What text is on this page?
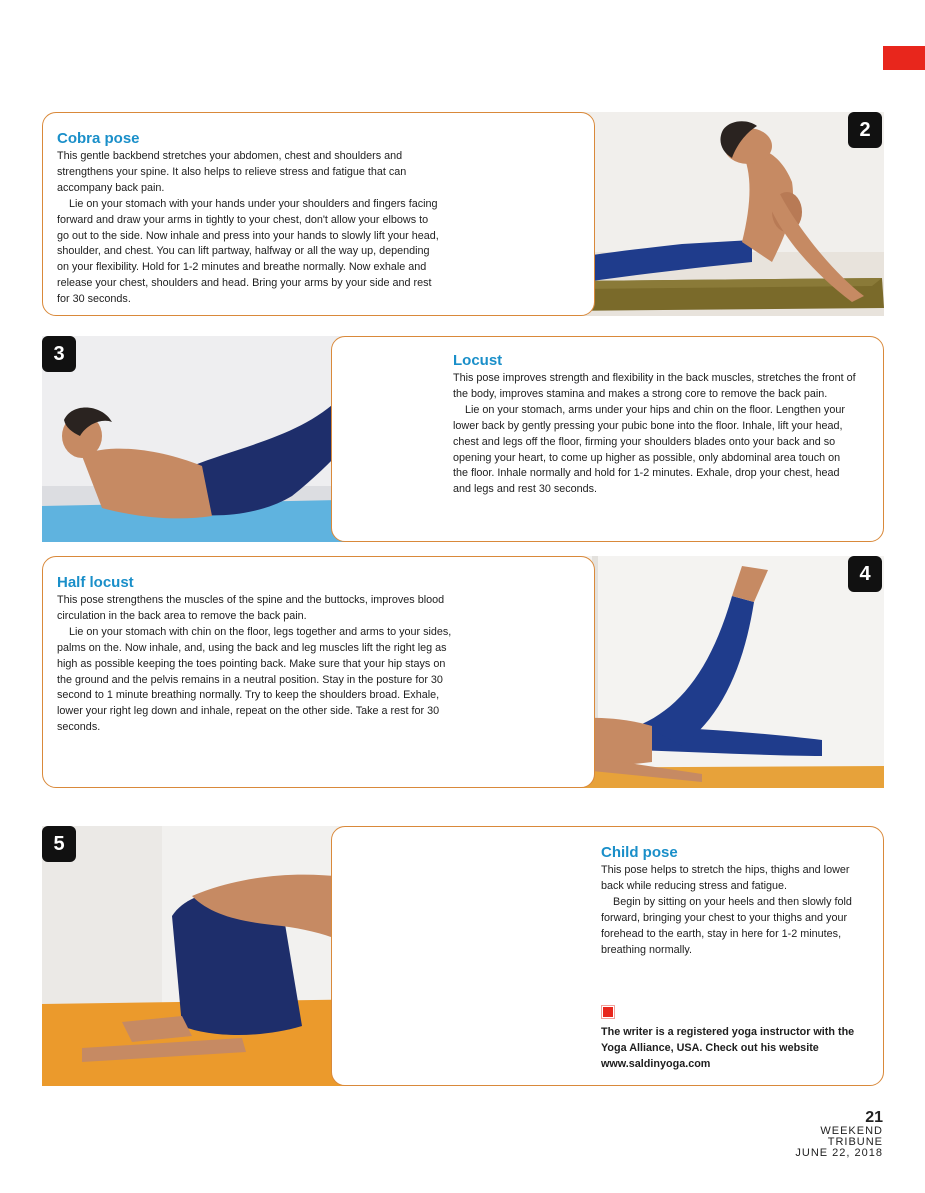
2
Cobra pose

This gentle backbend stretches your abdomen, chest and shoulders and strengthens your spine. It also helps to relieve stress and fatigue that can accompany back pain.

Lie on your stomach with your hands under your shoulders and fingers facing forward and draw your arms in tightly to your chest, don't allow your elbows to go out to the side. Now inhale and press into your hands to slowly lift your head, shoulder, and chest. You can lift partway, halfway or all the way up, depending on your flexibility. Hold for 1-2 minutes and breathe normally. Now exhale and release your chest, shoulders and head. Bring your arms by your side and rest for 30 seconds.

3	Locust

This pose improves strength and flexibility in the back muscles, stretches the front of the body, improves stamina and makes a strong core to remove the back pain.

Lie on your stomach, arms under your hips and chin on the floor. Lengthen your lower back by gently pressing your pubic bone into the floor. Inhale, lift your head, chest and legs off the floor, firming your shoulders blades onto your back and so opening your heart, to come up higher as possible, only abdominal area touch on the floor. Inhale normally and hold for 1-2 minutes. Exhale, drop your chest, head and legs and rest 30 seconds.

4
Half locust

This pose strengthens the muscles of the spine and the buttocks, improves blood circulation in the back area to remove the back pain.

Lie on your stomach with chin on the floor, legs together and arms to your sides, palms on the. Now inhale, and, using the back and leg muscles lift the right leg as high as possible keeping the toes pointing back. Make sure that your hip stays on the ground and the pelvis remains in a neutral position. Stay in the posture for 30 second to 1 minute breathing normally. Try to keep the shoulders broad. Exhale, lower your right leg down and inhale, repeat on the other side. Take a rest for 30 seconds.

5	Child pose

This pose helps to stretch the hips, thighs and lower back while reducing stress and fatigue.

Begin by sitting on your heels and then slowly fold forward, bringing your chest to your thighs and your forehead to the earth, stay in here for 1-2 minutes, breathing normally.

The writer is a registered yoga instructor with the Yoga Alliance, USA. Check out his website www.saldinyoga.com

21
WEEKEND
TRIBUNE
JUNE 22, 2018
